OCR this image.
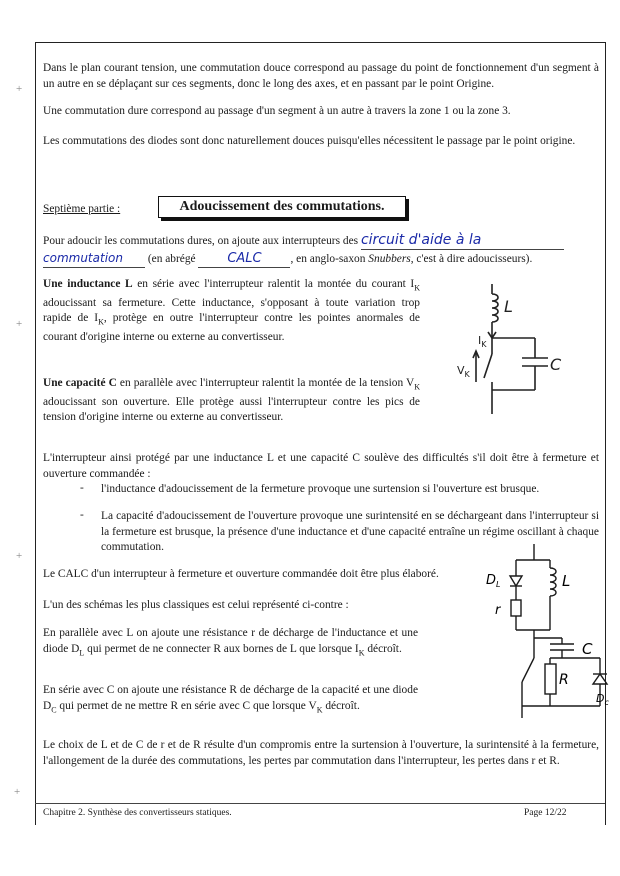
+
+
+
+
Dans le plan courant tension, une commutation douce correspond au passage du point de fonctionnement d'un segment à un autre en se déplaçant sur ces segments, donc le long des axes, et en passant par le point Origine.
Une commutation dure correspond au passage d'un segment à un autre à travers la zone 1 ou la zone 3.
Les commutations des diodes sont donc naturellement douces puisqu'elles nécessitent le passage par le point origine.
Septième partie :	Adoucissement des commutations.
Pour adoucir les commutations dures, on ajoute aux interrupteurs des circuit d'aide à la
commutation (en abrégé CALC	, en anglo-saxon Snubbers, c'est à dire adoucisseurs).
Une inductance L en série avec l'interrupteur ralentit la montée du courant $I_K$ adoucissant sa fermeture. Cette inductance, s'opposant à toute variation trop rapide de $I_K$, protège en outre l'interrupteur contre les pointes anormales de courant d'origine interne ou externe au convertisseur.
Une capacité C en parallèle avec l'interrupteur ralentit la montée de la tension $V_K$ adoucissant son ouverture. Elle protège aussi l'interrupteur contre les pics de tension d'origine interne ou externe au convertisseur.
L
$I_K$
$V_K$
C
L'interrupteur ainsi protégé par une inductance L et une capacité C soulève des difficultés s'il doit être à fermeture et ouverture commandée :
- l'inductance d'adoucissement de la fermeture provoque une surtension si l'ouverture est brusque.
- La capacité d'adoucissement de l'ouverture provoque une surintensité en se déchargeant dans l'interrupteur si la fermeture est brusque, la présence d'une inductance et d'une capacité entraîne un régime oscillant à chaque commutation.
Le CALC d'un interrupteur à fermeture et ouverture commandée doit être plus élaboré.
L'un des schémas les plus classiques est celui représenté ci-contre :
En parallèle avec L on ajoute une résistance r de décharge de l'inductance et une diode $D_L$ qui permet de ne connecter R aux bornes de L que lorsque $I_K$ décroît.
En série avec C on ajoute une résistance R de décharge de la capacité et une diode $D_C$ qui permet de ne mettre R en série avec C que lorsque $V_K$ décroît.
$D_L$	L
r
C
R
$D_c$
Le choix de L et de C de r et de R résulte d'un compromis entre la surtension à l'ouverture, la surintensité à la fermeture, l'allongement de la durée des commutations, les pertes par commutation dans l'interrupteur, les pertes dans r et R.
Chapitre 2. Synthèse des convertisseurs statiques.	Page 12/22
